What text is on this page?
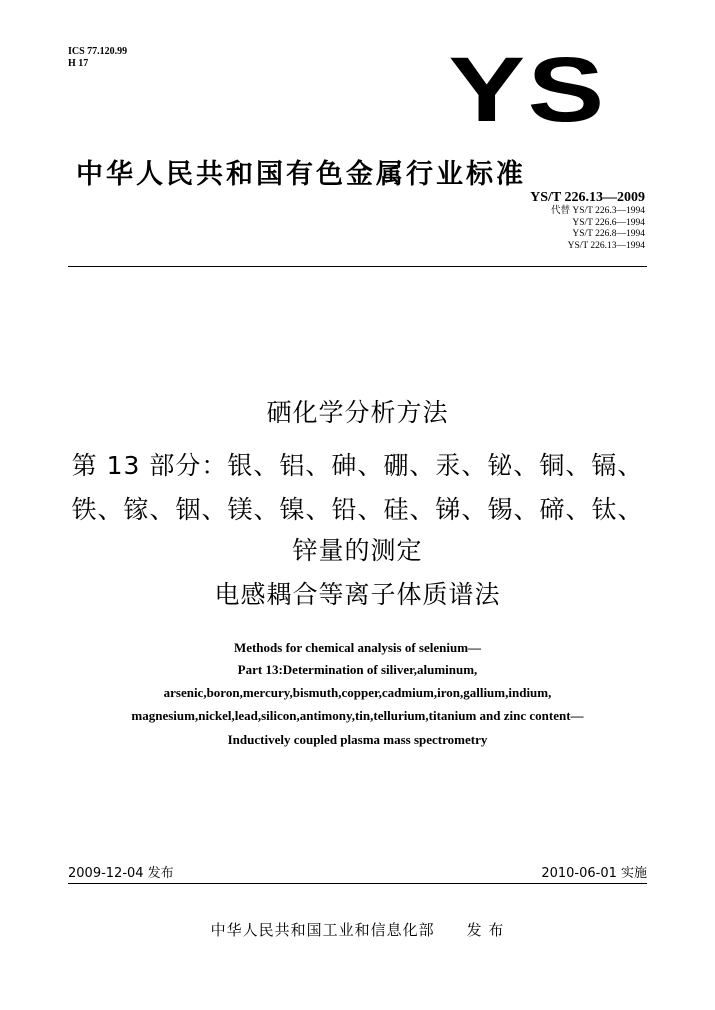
ICS 77.120.99
H 17	YS
中华人民共和国有色金属行业标准
YS/T 226.13—2009
代替 YS/T 226.3—1994
YS/T 226.6—1994
YS/T 226.8—1994
YS/T 226.13—1994
硒化学分析方法
第 13 部分：银、铝、砷、硼、汞、铋、铜、镉、
铁、镓、铟、镁、镍、铅、硅、锑、锡、碲、钛、
锌量的测定
电感耦合等离子体质谱法
Methods for chemical analysis of selenium—
Part 13:Determination of siliver,aluminum,
arsenic,boron,mercury,bismuth,copper,cadmium,iron,gallium,indium,
magnesium,nickel,lead,silicon,antimony,tin,tellurium,titanium and zinc content—
Inductively coupled plasma mass spectrometry
2009-12-04 发布	2010-06-01 实施
中华人民共和国工业和信息化部 发 布
